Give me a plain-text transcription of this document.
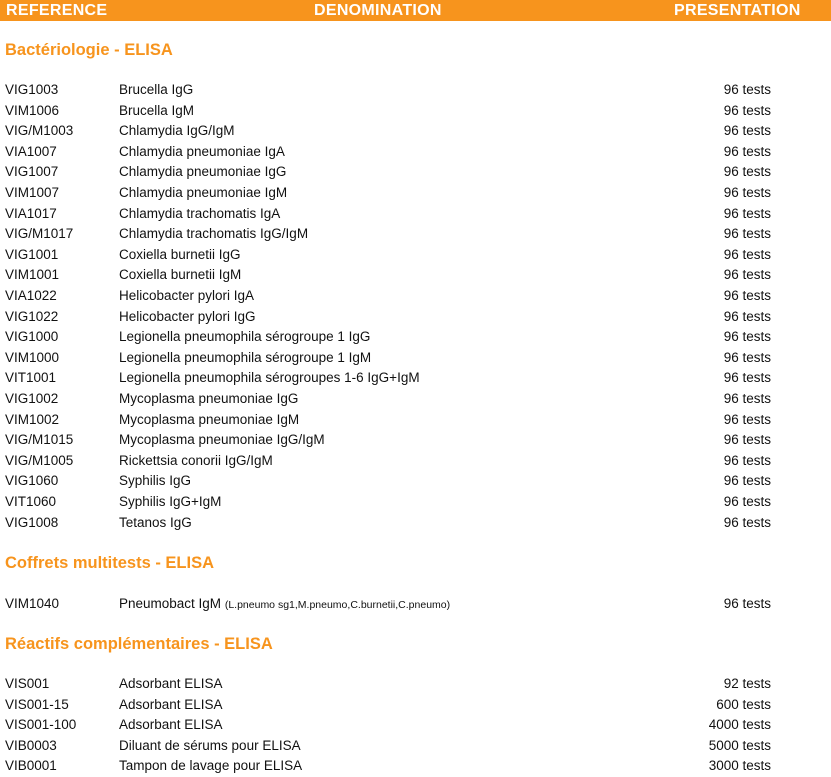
REFERENCE	DENOMINATION	PRESENTATION
Bactériologie - ELISA
VIG1003	Brucella IgG	96 tests
VIM1006	Brucella IgM	96 tests
VIG/M1003	Chlamydia IgG/IgM	96 tests
VIA1007	Chlamydia pneumoniae IgA	96 tests
VIG1007	Chlamydia pneumoniae IgG	96 tests
VIM1007	Chlamydia pneumoniae IgM	96 tests
VIA1017	Chlamydia trachomatis IgA	96 tests
VIG/M1017	Chlamydia trachomatis IgG/IgM	96 tests
VIG1001	Coxiella burnetii IgG	96 tests
VIM1001	Coxiella burnetii IgM	96 tests
VIA1022	Helicobacter pylori IgA	96 tests
VIG1022	Helicobacter pylori IgG	96 tests
VIG1000	Legionella pneumophila sérogroupe 1 IgG	96 tests
VIM1000	Legionella pneumophila sérogroupe 1 IgM	96 tests
VIT1001	Legionella pneumophila sérogroupes 1-6 IgG+IgM	96 tests
VIG1002	Mycoplasma pneumoniae IgG	96 tests
VIM1002	Mycoplasma pneumoniae IgM	96 tests
VIG/M1015	Mycoplasma pneumoniae IgG/IgM	96 tests
VIG/M1005	Rickettsia conorii IgG/IgM	96 tests
VIG1060	Syphilis IgG	96 tests
VIT1060	Syphilis IgG+IgM	96 tests
VIG1008	Tetanos IgG	96 tests
Coffrets multitests - ELISA
VIM1040	Pneumobact IgM (L.pneumo sg1,M.pneumo,C.burnetii,C.pneumo)	96 tests
Réactifs complémentaires - ELISA
VIS001	Adsorbant ELISA	92 tests
VIS001-15	Adsorbant ELISA	600 tests
VIS001-100	Adsorbant ELISA	4000 tests
VIB0003	Diluant de sérums pour ELISA	5000 tests
VIB0001	Tampon de lavage pour ELISA	3000 tests
